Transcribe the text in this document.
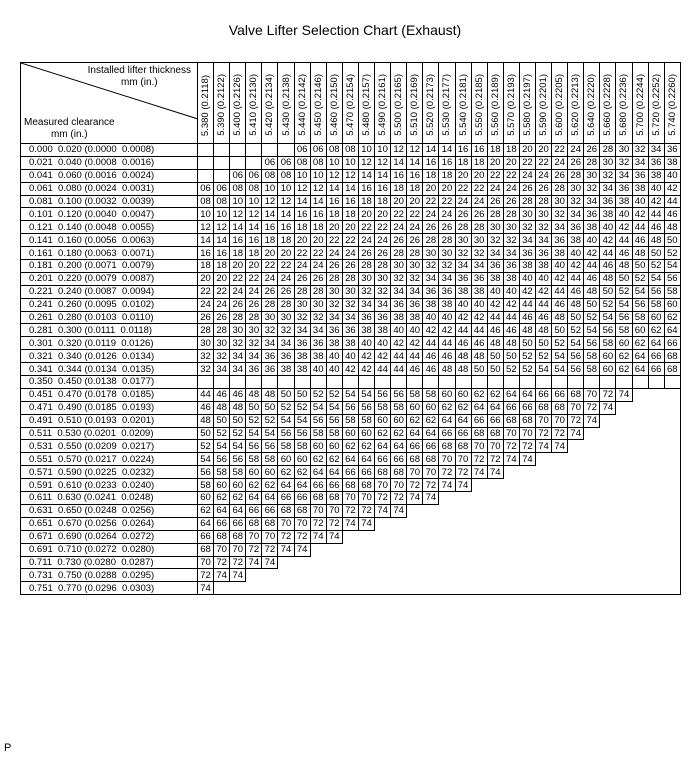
Valve Lifter Selection Chart (Exhaust)
Installed lifter thickness
mm (in.)
Measured clearance
mm (in.)	5.380 (0.2118)	5.390 (0.2122)	5.400 (0.2126)	5.410 (0.2130)	5.420 (0.2134)	5.430 (0.2138)	5.440 (0.2142)	5.450 (0.2146)	5.460 (0.2150)	5.470 (0.2154)	5.480 (0.2157)	5.490 (0.2161)	5.500 (0.2165)	5.510 (0.2169)	5.520 (0.2173)	5.530 (0.2177)	5.540 (0.2181)	5.550 (0.2185)	5.560 (0.2189)	5.570 (0.2193)	5.580 (0.2197)	5.590 (0.2201)	5.600 (0.2205)	5.620 (0.2213)	5.640 (0.2220)	5.660 (0.2228)	5.680 (0.2236)	5.700 (0.2244)	5.720 (0.2252)	5.740 (0.2260)
0.000  0.020 (0.0000  0.0008)							06	06	08	08	10	10	12	12	14	14	16	16	18	18	20	20	22	24	26	28	30	32	34	36
0.021  0.040 (0.0008  0.0016)					06	06	08	08	10	10	12	12	14	14	16	16	18	18	20	20	22	22	24	26	28	30	32	34	36	38
0.041  0.060 (0.0016  0.0024)			06	06	08	08	10	10	12	12	14	14	16	16	18	18	20	20	22	22	24	24	26	28	30	32	34	36	38	40
0.061  0.080 (0.0024  0.0031)	06	06	08	08	10	10	12	12	14	14	16	16	18	18	20	20	22	22	24	24	26	26	28	30	32	34	36	38	40	42
0.081  0.100 (0.0032  0.0039)	08	08	10	10	12	12	14	14	16	16	18	18	20	20	22	22	24	24	26	26	28	28	30	32	34	36	38	40	42	44
0.101  0.120 (0.0040  0.0047)	10	10	12	12	14	14	16	16	18	18	20	20	22	22	24	24	26	26	28	28	30	30	32	34	36	38	40	42	44	46
0.121  0.140 (0.0048  0.0055)	12	12	14	14	16	16	18	18	20	20	22	22	24	24	26	26	28	28	30	30	32	32	34	36	38	40	42	44	46	48
0.141  0.160 (0.0056  0.0063)	14	14	16	16	18	18	20	20	22	22	24	24	26	26	28	28	30	30	32	32	34	34	36	38	40	42	44	46	48	50
0.161  0.180 (0.0063  0.0071)	16	16	18	18	20	20	22	22	24	24	26	26	28	28	30	30	32	32	34	34	36	36	38	40	42	44	46	48	50	52
0.181  0.200 (0.0071  0.0079)	18	18	20	20	22	22	24	24	26	26	28	28	30	30	32	32	34	34	36	36	38	38	40	42	44	46	48	50	52	54
0.201  0.220 (0.0079  0.0087)	20	20	22	22	24	24	26	26	28	28	30	30	32	32	34	34	36	36	38	38	40	40	42	44	46	48	50	52	54	56
0.221  0.240 (0.0087  0.0094)	22	22	24	24	26	26	28	28	30	30	32	32	34	34	36	36	38	38	40	40	42	42	44	46	48	50	52	54	56	58
0.241  0.260 (0.0095  0.0102)	24	24	26	26	28	28	30	30	32	32	34	34	36	36	38	38	40	40	42	42	44	44	46	48	50	52	54	56	58	60
0.261  0.280 (0.0103  0.0110)	26	26	28	28	30	30	32	32	34	34	36	36	38	38	40	40	42	42	44	44	46	46	48	50	52	54	56	58	60	62
0.281  0.300 (0.0111  0.0118)	28	28	30	30	32	32	34	34	36	36	38	38	40	40	42	42	44	44	46	46	48	48	50	52	54	56	58	60	62	64
0.301  0.320 (0.0119  0.0126)	30	30	32	32	34	34	36	36	38	38	40	40	42	42	44	44	46	46	48	48	50	50	52	54	56	58	60	62	64	66
0.321  0.340 (0.0126  0.0134)	32	32	34	34	36	36	38	38	40	40	42	42	44	44	46	46	48	48	50	50	52	52	54	56	58	60	62	64	66	68
0.341  0.344 (0.0134  0.0135)	32	34	34	36	36	38	38	40	40	42	42	44	44	46	46	48	48	50	50	52	52	54	54	56	58	60	62	64	66	68
0.350  0.450 (0.0138  0.0177)																														
0.451  0.470 (0.0178  0.0185)	44	46	46	48	48	50	50	52	52	54	54	56	56	58	58	60	60	62	62	64	64	66	66	68	70	72	74			
0.471  0.490 (0.0185  0.0193)	46	48	48	50	50	52	52	54	54	56	56	58	58	60	60	62	62	64	64	66	66	68	68	70	72	74				
0.491  0.510 (0.0193  0.0201)	48	50	50	52	52	54	54	56	56	58	58	60	60	62	62	64	64	66	66	68	68	70	70	72	74					
0.511  0.530 (0.0201  0.0209)	50	52	52	54	54	56	56	58	58	60	60	62	62	64	64	66	66	68	68	70	70	72	72	74						
0.531  0.550 (0.0209  0.0217)	52	54	54	56	56	58	58	60	60	62	62	64	64	66	66	68	68	70	70	72	72	74	74							
0.551  0.570 (0.0217  0.0224)	54	56	56	58	58	60	60	62	62	64	64	66	66	68	68	70	70	72	72	74	74									
0.571  0.590 (0.0225  0.0232)	56	58	58	60	60	62	62	64	64	66	66	68	68	70	70	72	72	74	74											
0.591  0.610 (0.0233  0.0240)	58	60	60	62	62	64	64	66	66	68	68	70	70	72	72	74	74													
0.611  0.630 (0.0241  0.0248)	60	62	62	64	64	66	66	68	68	70	70	72	72	74	74															
0.631  0.650 (0.0248  0.0256)	62	64	64	66	66	68	68	70	70	72	72	74	74																	
0.651  0.670 (0.0256  0.0264)	64	66	66	68	68	70	70	72	72	74	74																			
0.671  0.690 (0.0264  0.0272)	66	68	68	70	70	72	72	74	74																					
0.691  0.710 (0.0272  0.0280)	68	70	70	72	72	74	74																							
0.711  0.730 (0.0280  0.0287)	70	72	72	74	74																									
0.731  0.750 (0.0288  0.0295)	72	74	74																											
0.751  0.770 (0.0296  0.0303)	74																													
P
